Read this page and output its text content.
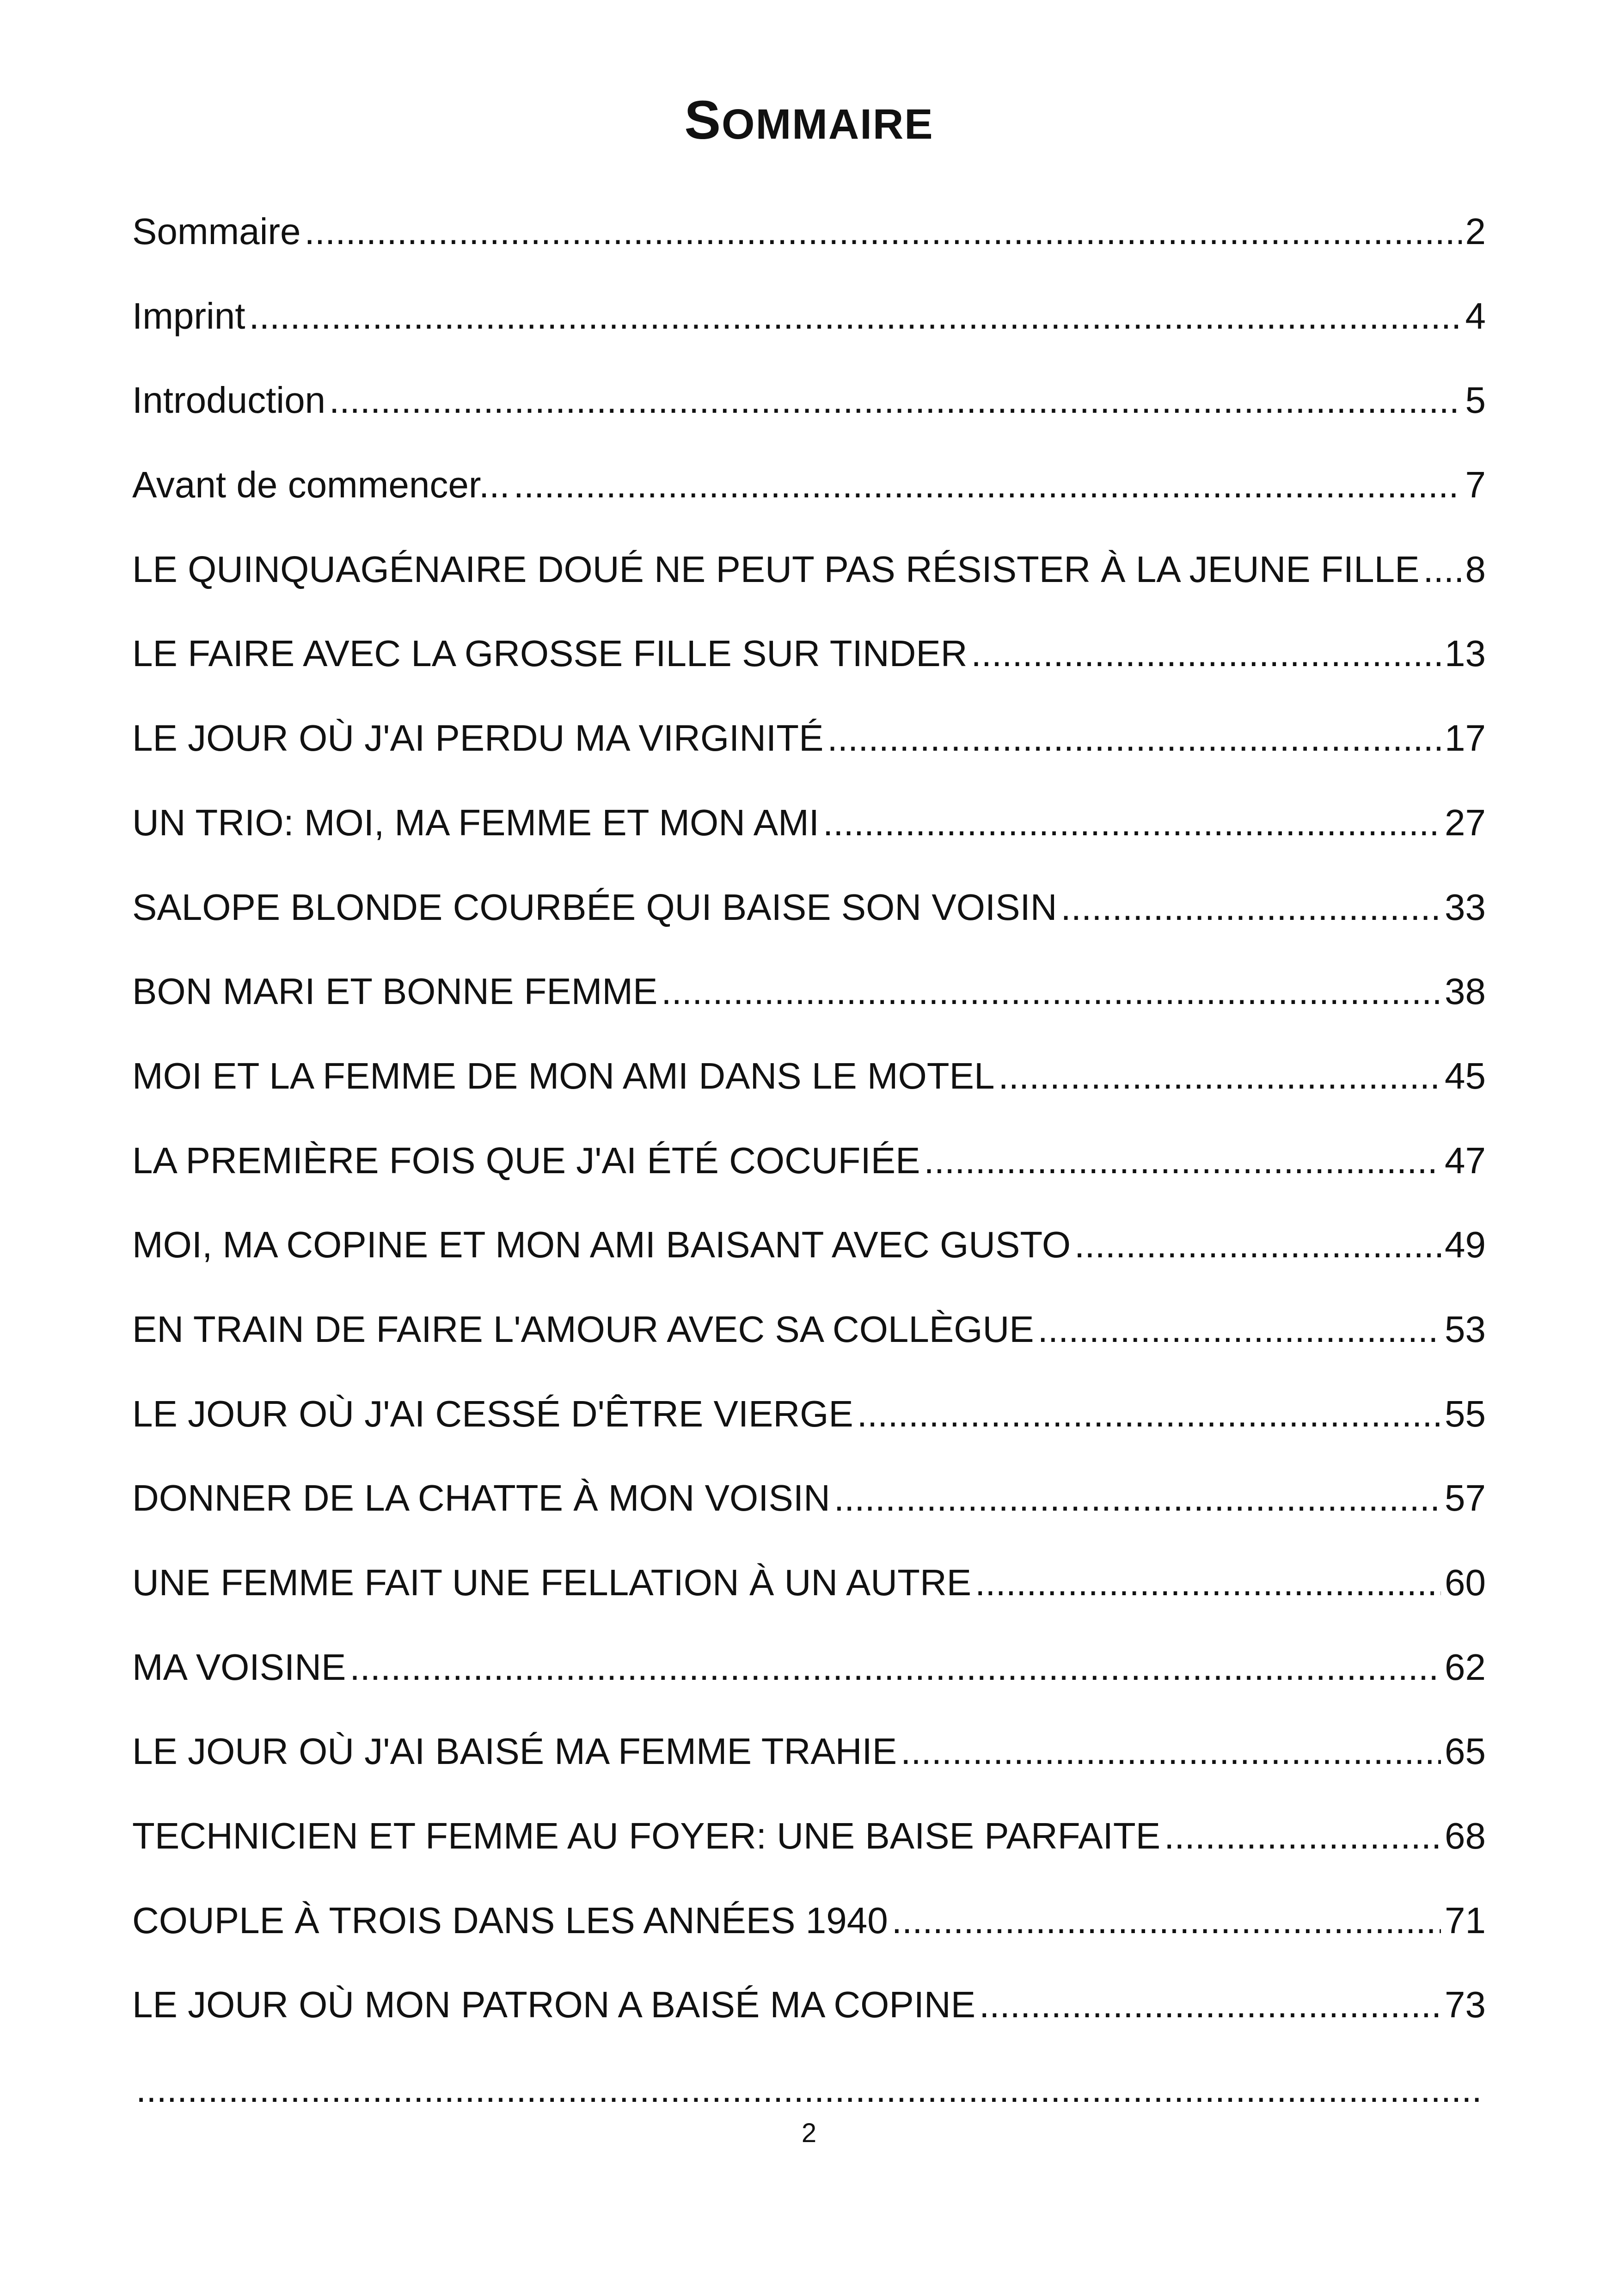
SOMMAIRE
Sommaire .....	2
Imprint .....	4
Introduction .....	5
Avant de commencer... .....	7
LE QUINQUAGÉNAIRE DOUÉ NE PEUT PAS RÉSISTER À LA JEUNE FILLE ..... 8
LE FAIRE AVEC LA GROSSE FILLE SUR TINDER .....	13
LE JOUR OÙ J'AI PERDU MA VIRGINITÉ .....	17
UN TRIO: MOI, MA FEMME ET MON AMI .....	27
SALOPE BLONDE COURBÉE QUI BAISE SON VOISIN .....	33
BON MARI ET BONNE FEMME .....	38
MOI ET LA FEMME DE MON AMI DANS LE MOTEL .....	45
LA PREMIÈRE FOIS QUE J'AI ÉTÉ COCUFIÉE .....	47
MOI, MA COPINE ET MON AMI BAISANT AVEC GUSTO .....	49
EN TRAIN DE FAIRE L'AMOUR AVEC SA COLLÈGUE .....	53
LE JOUR OÙ J'AI CESSÉ D'ÊTRE VIERGE .....	55
DONNER DE LA CHATTE À MON VOISIN .....	57
UNE FEMME FAIT UNE FELLATION À UN AUTRE .....	60
MA VOISINE .....	62
LE JOUR OÙ J'AI BAISÉ MA FEMME TRAHIE .....	65
TECHNICIEN ET FEMME AU FOYER: UNE BAISE PARFAITE .....	68
COUPLE À TROIS DANS LES ANNÉES 1940 .....	71
LE JOUR OÙ MON PATRON A BAISÉ MA COPINE .....	73
.....
2
